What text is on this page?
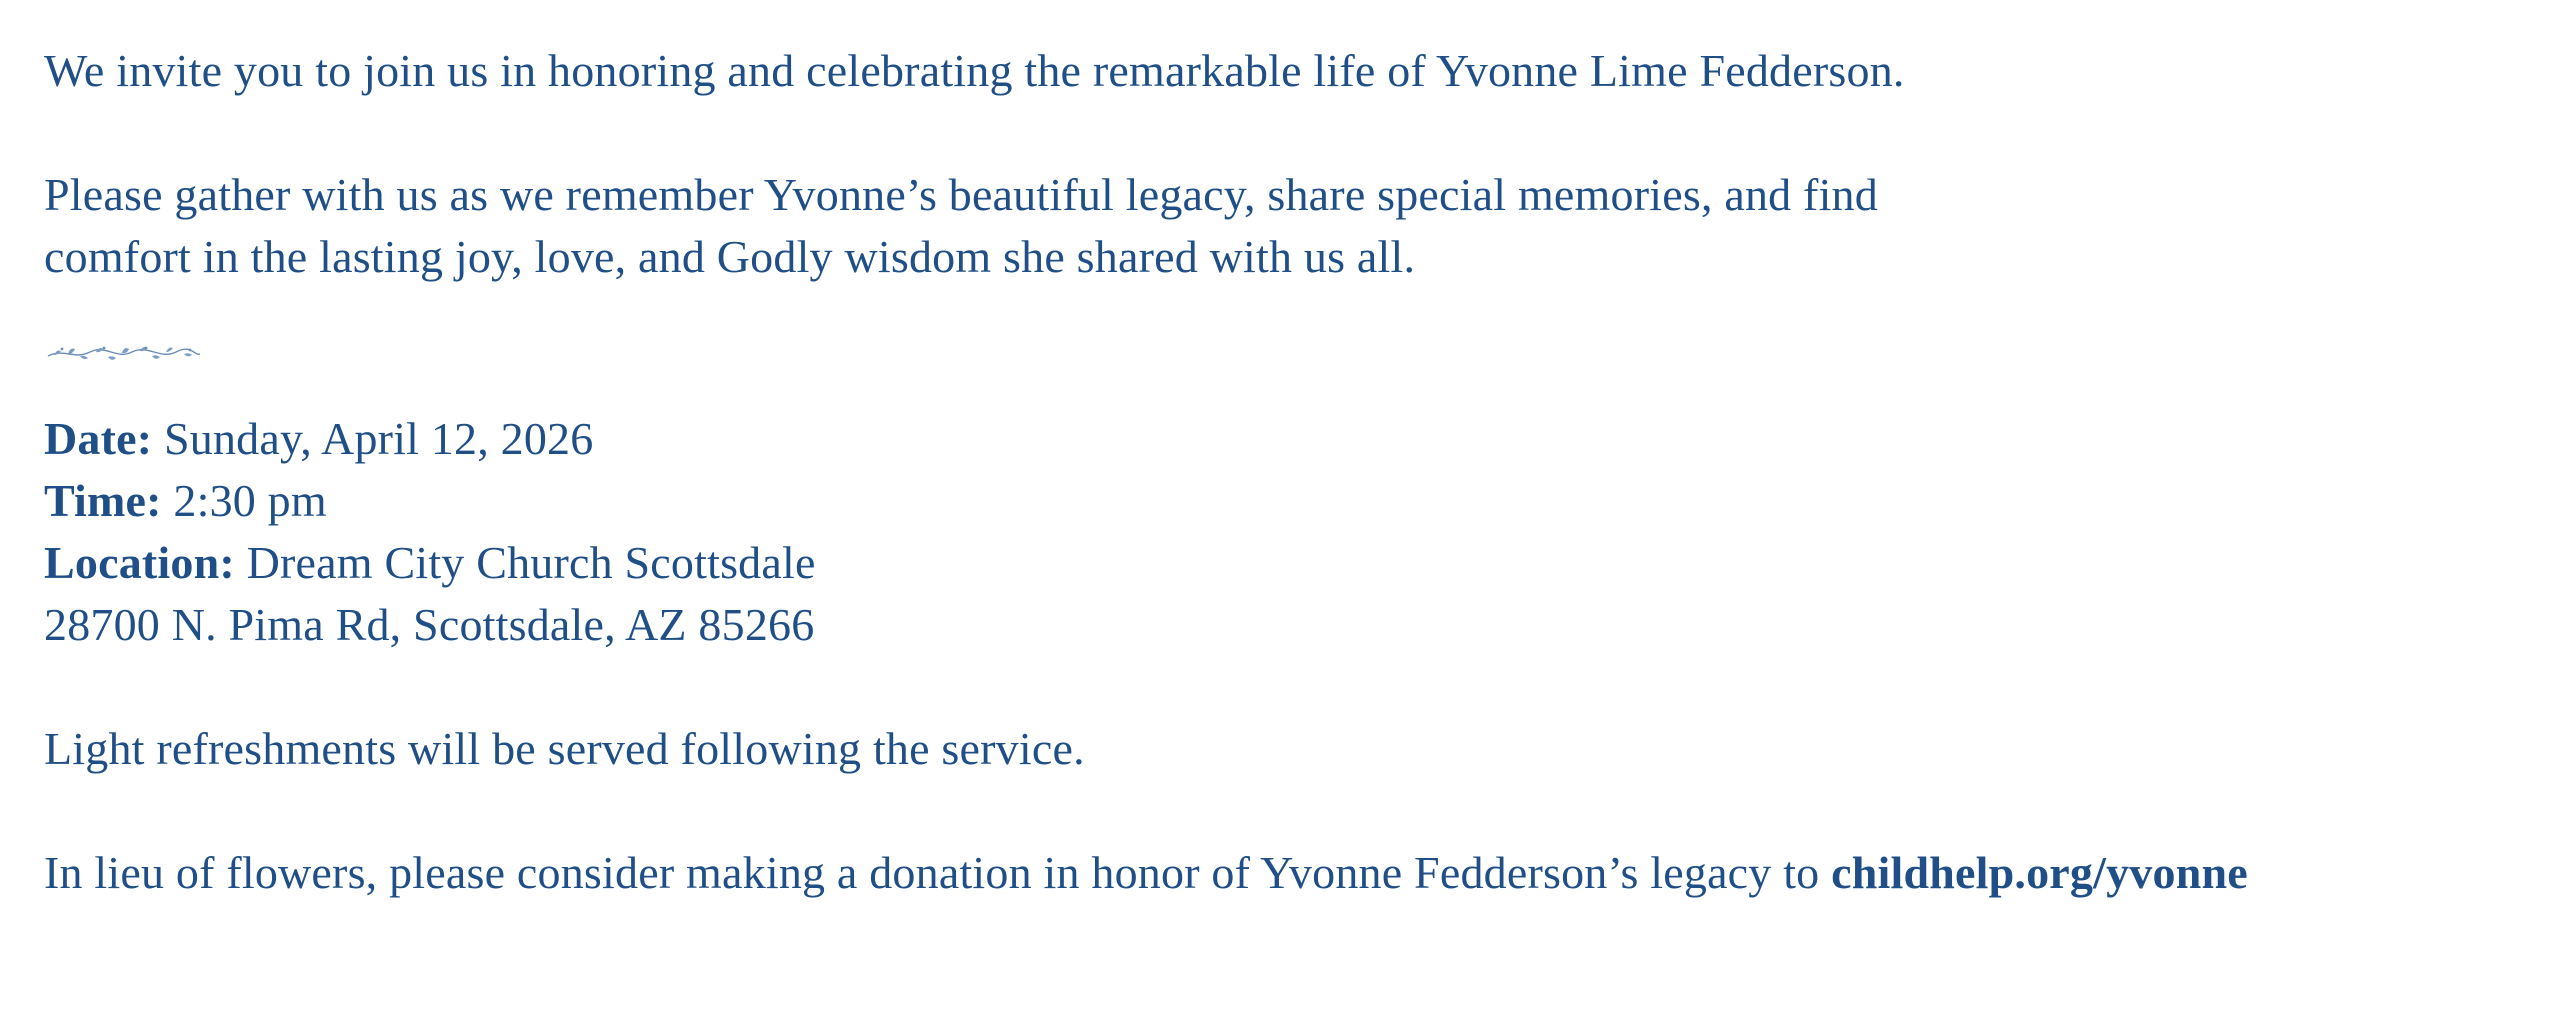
We invite you to join us in honoring and celebrating the remarkable life of Yvonne Lime Fedderson.

Please gather with us as we remember Yvonne’s beautiful legacy, share special memories, and find
comfort in the lasting joy, love, and Godly wisdom she shared with us all.

Date: Sunday, April 12, 2026
Time: 2:30 pm
Location: Dream City Church Scottsdale
28700 N. Pima Rd, Scottsdale, AZ 85266

Light refreshments will be served following the service.

In lieu of flowers, please consider making a donation in honor of Yvonne Fedderson’s legacy to childhelp.org/yvonne
